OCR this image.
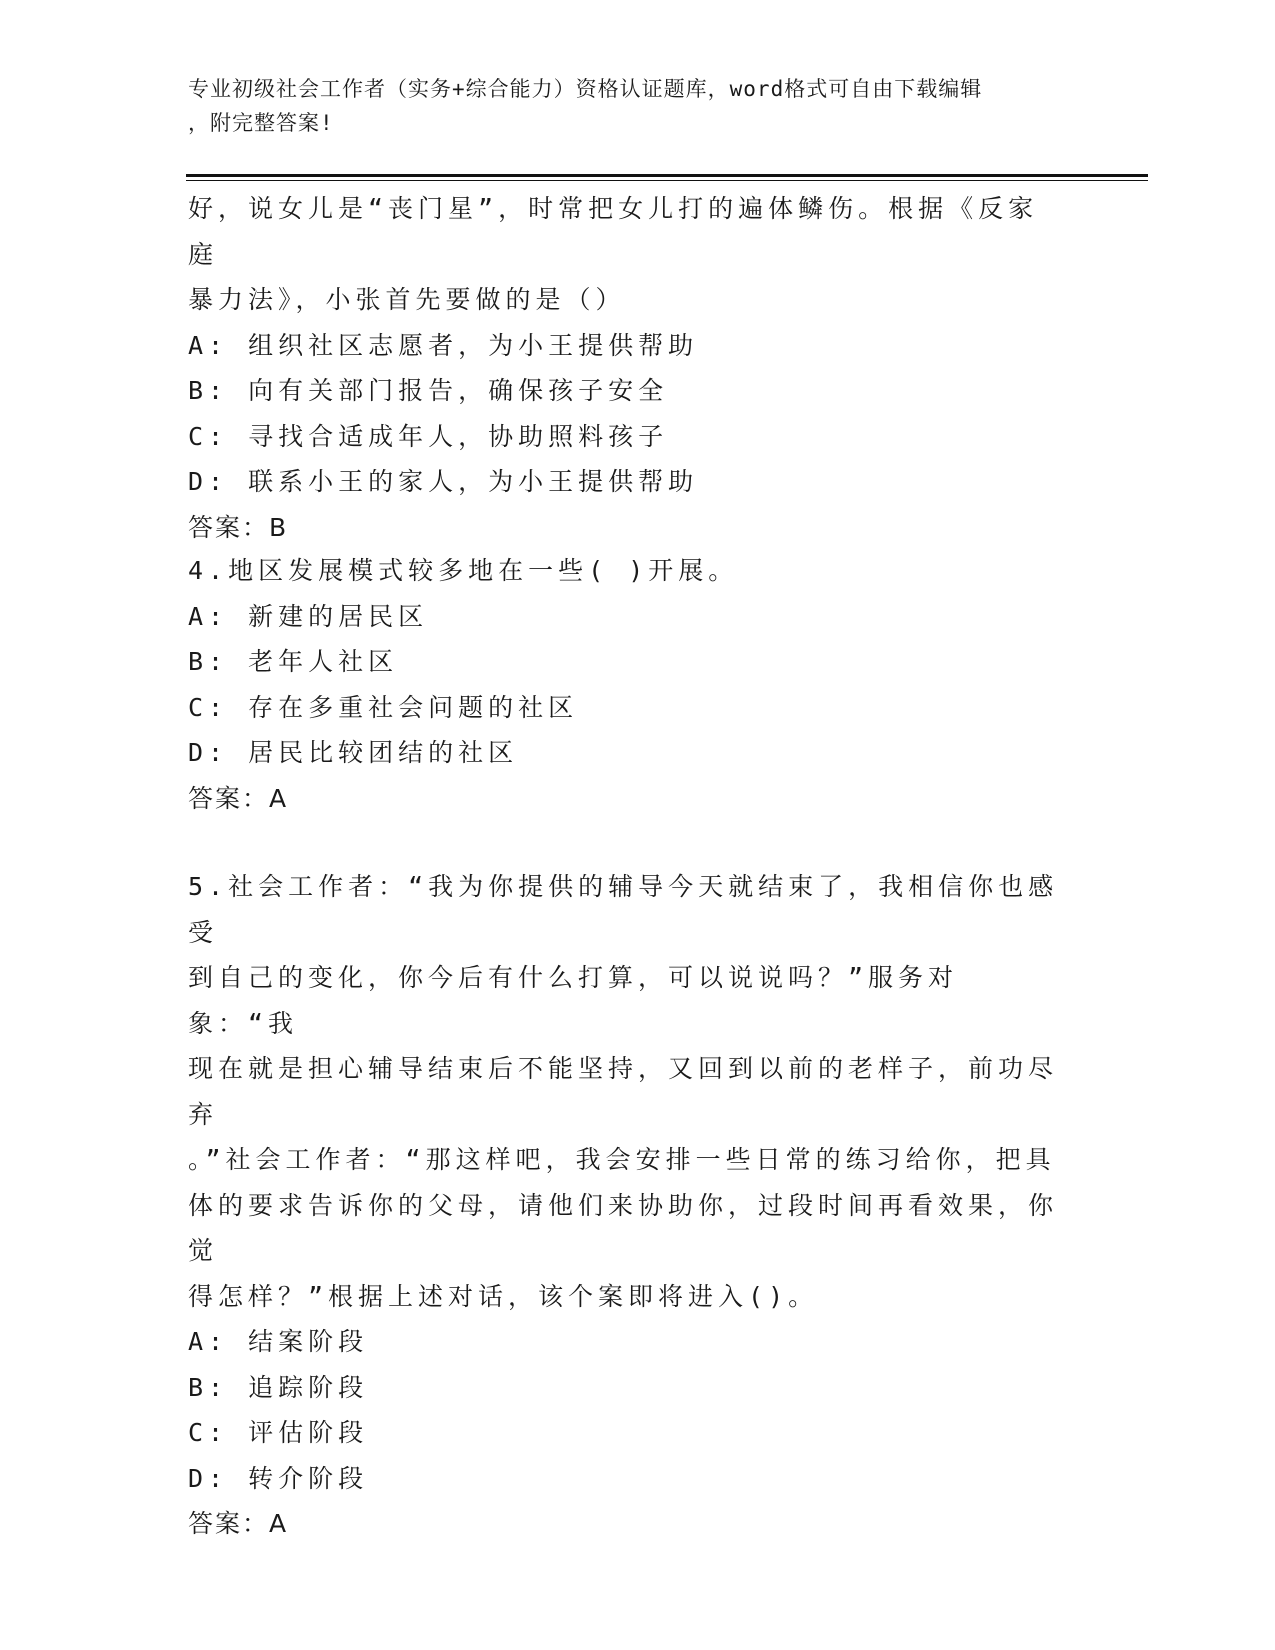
专业初级社会工作者（实务+综合能力）资格认证题库，word格式可自由下载编辑
，附完整答案!

好，说女儿是“丧门星”，时常把女儿打的遍体鳞伤。根据《反家庭

暴力法》，小张首先要做的是（）

A: 组织社区志愿者，为小王提供帮助

B: 向有关部门报告，确保孩子安全

C: 寻找合适成年人，协助照料孩子

D: 联系小王的家人，为小王提供帮助

答案：B

4.地区发展模式较多地在一些( )开展。

A: 新建的居民区

B: 老年人社区

C: 存在多重社会问题的社区

D: 居民比较团结的社区

答案：A

5.社会工作者：“我为你提供的辅导今天就结束了，我相信你也感受

到自己的变化，你今后有什么打算，可以说说吗？”服务对象：“我

现在就是担心辅导结束后不能坚持，又回到以前的老样子，前功尽弃

。”社会工作者：“那这样吧，我会安排一些日常的练习给你，把具

体的要求告诉你的父母，请他们来协助你，过段时间再看效果，你觉

得怎样？”根据上述对话，该个案即将进入()。

A: 结案阶段

B: 追踪阶段

C: 评估阶段

D: 转介阶段

答案：A
